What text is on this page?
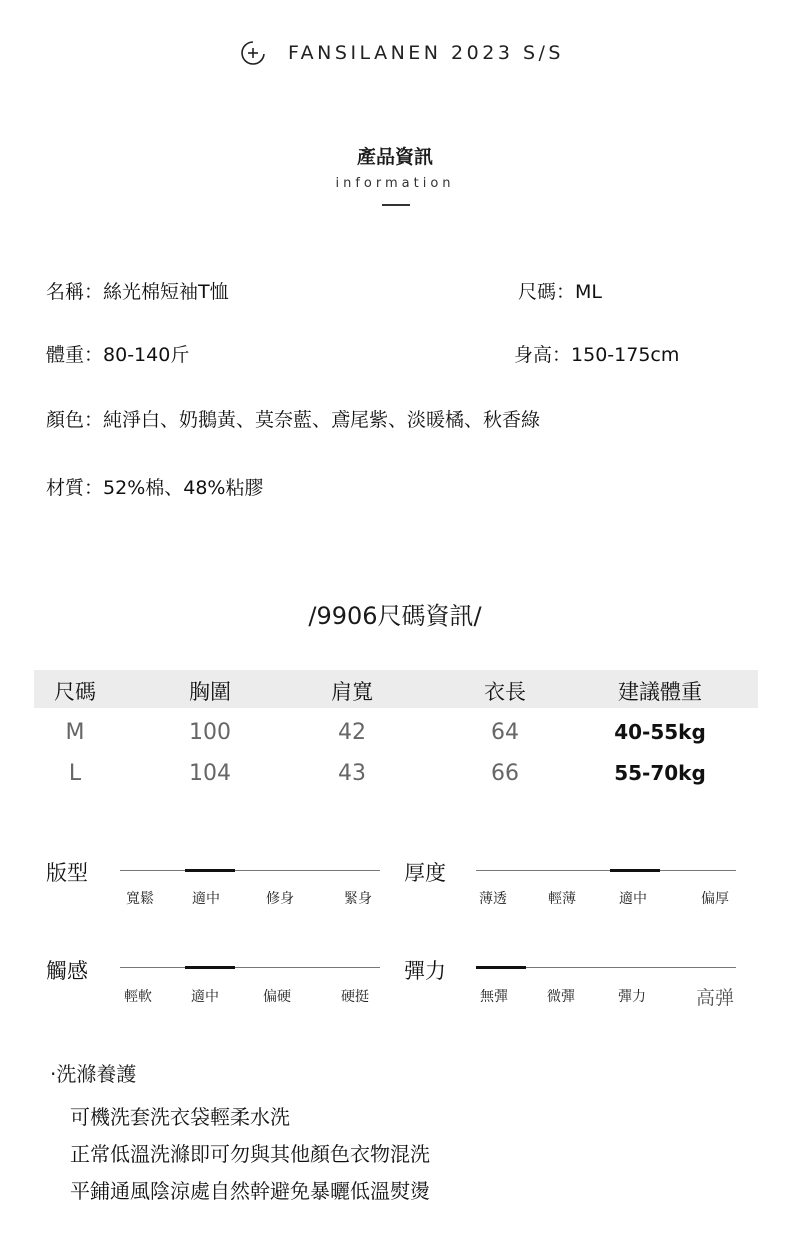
FANSILANEN 2023 S/S
產品資訊
information
名稱：絲光棉短袖T恤	尺碼：ML
體重：80-140斤	身高：150-175cm
顏色：純淨白、奶鵝黃、莫奈藍、鳶尾紫、淡暖橘、秋香綠
材質：52%棉、48%粘膠
/9906尺碼資訊/
尺碼	胸圍	肩寬	衣長	建議體重
M	100	42	64	40-55kg
L	104	43	66	55-70kg
版型
寬鬆	適中	修身	緊身
厚度
薄透	輕薄	適中	偏厚
觸感
輕軟	適中	偏硬	硬挺
彈力
無彈	微彈	彈力	高弹
·洗滌養護
可機洗套洗衣袋輕柔水洗
正常低溫洗滌即可勿與其他顏色衣物混洗
平鋪通風陰涼處自然幹避免暴曬低溫熨燙
